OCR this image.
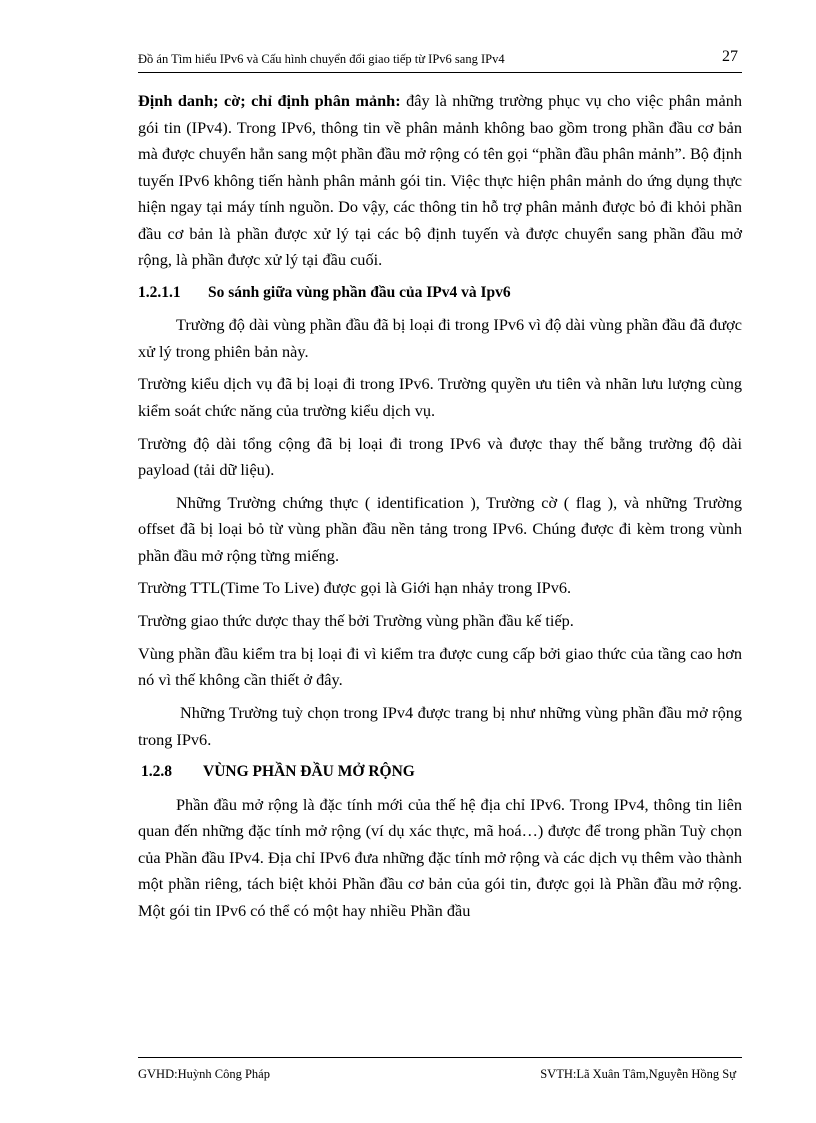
Đồ án Tìm hiểu IPv6 và Cấu hình chuyển đổi giao tiếp từ IPv6 sang IPv4	27

Định danh; cờ; chỉ định phân mảnh: đây là những trường phục vụ cho việc phân mảnh gói tin (IPv4). Trong IPv6, thông tin về phân mảnh không bao gồm trong phần đầu cơ bản mà được chuyển hẳn sang một phần đầu mở rộng có tên gọi “phần đầu phân mảnh”. Bộ định tuyến IPv6 không tiến hành phân mảnh gói tin. Việc thực hiện phân mảnh do ứng dụng thực hiện ngay tại máy tính nguồn. Do vậy, các thông tin hỗ trợ phân mảnh được bỏ đi khỏi phần đầu cơ bản là phần được xử lý tại các bộ định tuyến và được chuyển sang phần đầu mở rộng, là phần được xử lý tại đầu cuối.

1.2.1.1 So sánh giữa vùng phần đầu của IPv4 và Ipv6

Trường độ dài vùng phần đầu đã bị loại đi trong IPv6 vì độ dài vùng phần đầu đã được xử lý trong phiên bản này.

Trường kiểu dịch vụ đã bị loại đi trong IPv6. Trường quyền ưu tiên và nhãn lưu lượng cùng kiểm soát chức năng của trường kiểu dịch vụ.

Trường độ dài tổng cộng đã bị loại đi trong IPv6 và được thay thế bằng trường độ dài payload (tải dữ liệu).

Những Trường chứng thực ( identification ), Trường cờ ( flag ), và những Trường offset đã bị loại bỏ từ vùng phần đầu nền tảng trong IPv6. Chúng được đi kèm trong vùnh phần đầu mở rộng từng miếng.

Trường TTL(Time To Live) được gọi là Giới hạn nhảy trong IPv6.

Trường giao thức dược thay thế bởi Trường vùng phần đầu kế tiếp.

Vùng phần đầu kiểm tra bị loại đi vì kiểm tra được cung cấp bởi giao thức của tầng cao hơn nó vì thế không cần thiết ở đây.

Những Trường tuỳ chọn trong IPv4 được trang bị như những vùng phần đầu mở rộng trong IPv6.

1.2.8 VÙNG PHẦN ĐẦU MỞ RỘNG

Phần đầu mở rộng là đặc tính mới của thế hệ địa chỉ IPv6. Trong IPv4, thông tin liên quan đến những đặc tính mở rộng (ví dụ xác thực, mã hoá…) được để trong phần Tuỳ chọn của Phần đầu IPv4. Địa chỉ IPv6 đưa những đặc tính mở rộng và các dịch vụ thêm vào thành một phần riêng, tách biệt khỏi Phần đầu cơ bản của gói tin, được gọi là Phần đầu mở rộng. Một gói tin IPv6 có thể có một hay nhiều Phần đầu

GVHD:Huỳnh Công Pháp	SVTH:Lã Xuân Tâm,Nguyễn Hồng Sự
